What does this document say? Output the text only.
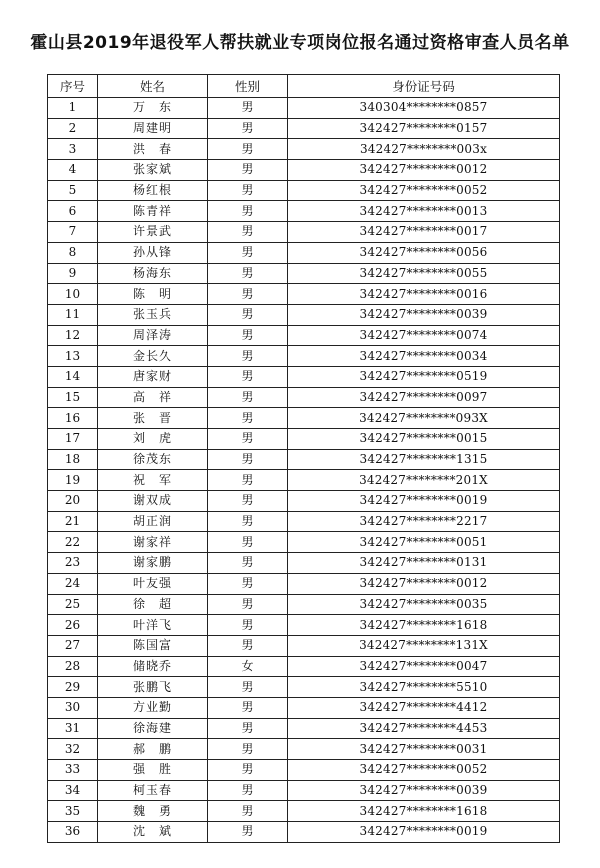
霍山县2019年退役军人帮扶就业专项岗位报名通过资格审查人员名单
序号	姓名	性别	身份证号码
1	万　东	男	340304********0857
2	周建明	男	342427********0157
3	洪　春	男	342427********003x
4	张家斌	男	342427********0012
5	杨红根	男	342427********0052
6	陈青祥	男	342427********0013
7	许景武	男	342427********0017
8	孙从锋	男	342427********0056
9	杨海东	男	342427********0055
10	陈　明	男	342427********0016
11	张玉兵	男	342427********0039
12	周泽涛	男	342427********0074
13	金长久	男	342427********0034
14	唐家财	男	342427********0519
15	高　祥	男	342427********0097
16	张　晋	男	342427********093X
17	刘　虎	男	342427********0015
18	徐茂东	男	342427********1315
19	祝　军	男	342427********201X
20	谢双成	男	342427********0019
21	胡正润	男	342427********2217
22	谢家祥	男	342427********0051
23	谢家鹏	男	342427********0131
24	叶友强	男	342427********0012
25	徐　超	男	342427********0035
26	叶洋飞	男	342427********1618
27	陈国富	男	342427********131X
28	储晓乔	女	342427********0047
29	张鹏飞	男	342427********5510
30	方业勤	男	342427********4412
31	徐海建	男	342427********4453
32	郝　鹏	男	342427********0031
33	强　胜	男	342427********0052
34	柯玉春	男	342427********0039
35	魏　勇	男	342427********1618
36	沈　斌	男	342427********0019
